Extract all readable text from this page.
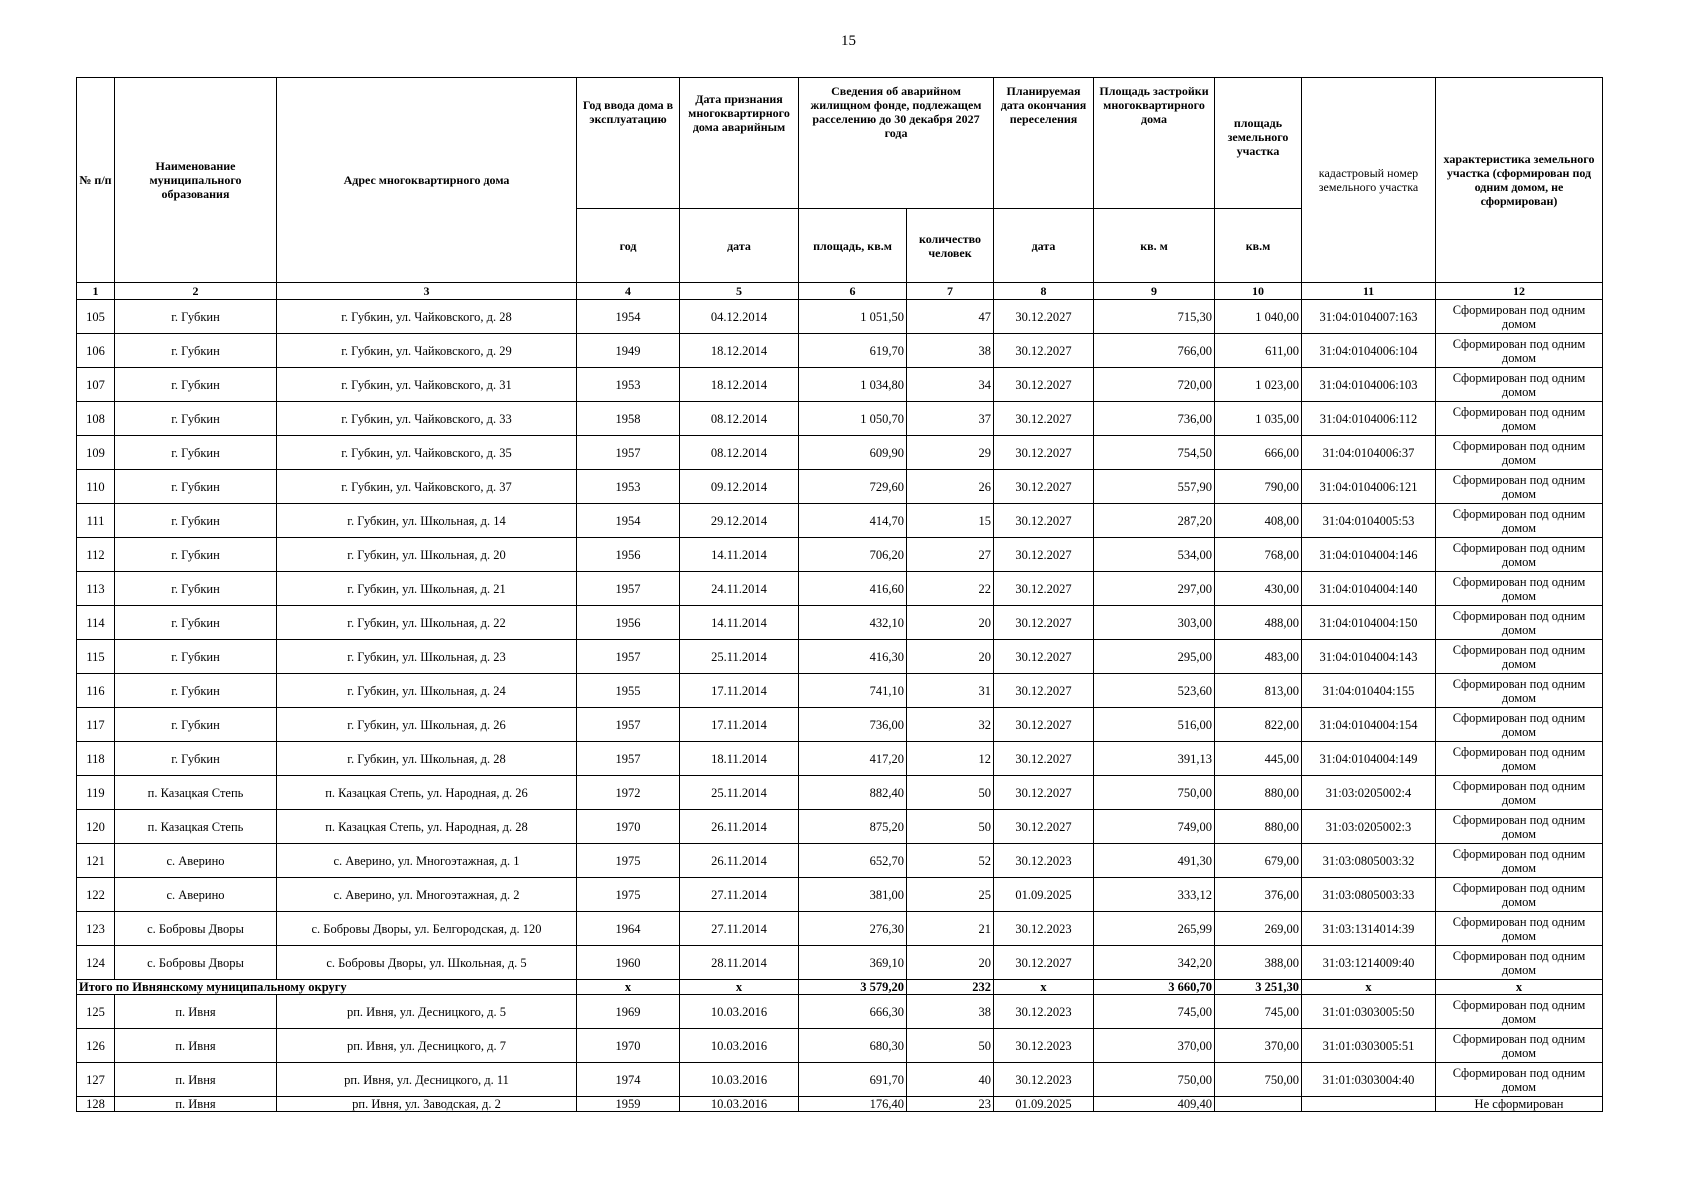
15
№ п/п	Наименование муниципального образования	Адрес многоквартирного дома	Год ввода дома в эксплуатацию	Дата признания многоквартирного дома аварийным	Сведения об аварийном жилищном фонде, подлежащем расселению до 30 декабря 2027 года		Планируемая дата окончания переселения	Площадь застройки многоквартирного дома	площадь земельного участка	кадастровый номер земельного участка	характеристика земельного участка (сформирован под одним домом, не сформирован)
			год	дата	площадь, кв.м	количество человек	дата	кв. м	кв.м		
1	2	3	4	5	6	7	8	9	10	11	12
105	г. Губкин	г. Губкин, ул. Чайковского, д. 28	1954	04.12.2014	1 051,50	47	30.12.2027	715,30	1 040,00	31:04:0104007:163	Сформирован под одним домом
106	г. Губкин	г. Губкин, ул. Чайковского, д. 29	1949	18.12.2014	619,70	38	30.12.2027	766,00	611,00	31:04:0104006:104	Сформирован под одним домом
107	г. Губкин	г. Губкин, ул. Чайковского, д. 31	1953	18.12.2014	1 034,80	34	30.12.2027	720,00	1 023,00	31:04:0104006:103	Сформирован под одним домом
108	г. Губкин	г. Губкин, ул. Чайковского, д. 33	1958	08.12.2014	1 050,70	37	30.12.2027	736,00	1 035,00	31:04:0104006:112	Сформирован под одним домом
109	г. Губкин	г. Губкин, ул. Чайковского, д. 35	1957	08.12.2014	609,90	29	30.12.2027	754,50	666,00	31:04:0104006:37	Сформирован под одним домом
110	г. Губкин	г. Губкин, ул. Чайковского, д. 37	1953	09.12.2014	729,60	26	30.12.2027	557,90	790,00	31:04:0104006:121	Сформирован под одним домом
111	г. Губкин	г. Губкин, ул. Школьная, д. 14	1954	29.12.2014	414,70	15	30.12.2027	287,20	408,00	31:04:0104005:53	Сформирован под одним домом
112	г. Губкин	г. Губкин, ул. Школьная, д. 20	1956	14.11.2014	706,20	27	30.12.2027	534,00	768,00	31:04:0104004:146	Сформирован под одним домом
113	г. Губкин	г. Губкин, ул. Школьная, д. 21	1957	24.11.2014	416,60	22	30.12.2027	297,00	430,00	31:04:0104004:140	Сформирован под одним домом
114	г. Губкин	г. Губкин, ул. Школьная, д. 22	1956	14.11.2014	432,10	20	30.12.2027	303,00	488,00	31:04:0104004:150	Сформирован под одним домом
115	г. Губкин	г. Губкин, ул. Школьная, д. 23	1957	25.11.2014	416,30	20	30.12.2027	295,00	483,00	31:04:0104004:143	Сформирован под одним домом
116	г. Губкин	г. Губкин, ул. Школьная, д. 24	1955	17.11.2014	741,10	31	30.12.2027	523,60	813,00	31:04:010404:155	Сформирован под одним домом
117	г. Губкин	г. Губкин, ул. Школьная, д. 26	1957	17.11.2014	736,00	32	30.12.2027	516,00	822,00	31:04:0104004:154	Сформирован под одним домом
118	г. Губкин	г. Губкин, ул. Школьная, д. 28	1957	18.11.2014	417,20	12	30.12.2027	391,13	445,00	31:04:0104004:149	Сформирован под одним домом
119	п. Казацкая Степь	п. Казацкая Степь, ул. Народная, д. 26	1972	25.11.2014	882,40	50	30.12.2027	750,00	880,00	31:03:0205002:4	Сформирован под одним домом
120	п. Казацкая Степь	п. Казацкая Степь, ул. Народная, д. 28	1970	26.11.2014	875,20	50	30.12.2027	749,00	880,00	31:03:0205002:3	Сформирован под одним домом
121	с. Аверино	с. Аверино, ул. Многоэтажная, д. 1	1975	26.11.2014	652,70	52	30.12.2023	491,30	679,00	31:03:0805003:32	Сформирован под одним домом
122	с. Аверино	с. Аверино, ул. Многоэтажная, д. 2	1975	27.11.2014	381,00	25	01.09.2025	333,12	376,00	31:03:0805003:33	Сформирован под одним домом
123	с. Бобровы Дворы	с. Бобровы Дворы, ул. Белгородская, д. 120	1964	27.11.2014	276,30	21	30.12.2023	265,99	269,00	31:03:1314014:39	Сформирован под одним домом
124	с. Бобровы Дворы	с. Бобровы Дворы, ул. Школьная, д. 5	1960	28.11.2014	369,10	20	30.12.2027	342,20	388,00	31:03:1214009:40	Сформирован под одним домом
Итого по Ивнянскому муниципальному округу			х	х	3 579,20	232	х	3 660,70	3 251,30	х	х
125	п. Ивня	рп. Ивня, ул. Десницкого, д. 5	1969	10.03.2016	666,30	38	30.12.2023	745,00	745,00	31:01:0303005:50	Сформирован под одним домом
126	п. Ивня	рп. Ивня, ул. Десницкого, д. 7	1970	10.03.2016	680,30	50	30.12.2023	370,00	370,00	31:01:0303005:51	Сформирован под одним домом
127	п. Ивня	рп. Ивня, ул. Десницкого, д. 11	1974	10.03.2016	691,70	40	30.12.2023	750,00	750,00	31:01:0303004:40	Сформирован под одним домом
128	п. Ивня	рп. Ивня, ул. Заводская, д. 2	1959	10.03.2016	176,40	23	01.09.2025	409,40			Не сформирован
